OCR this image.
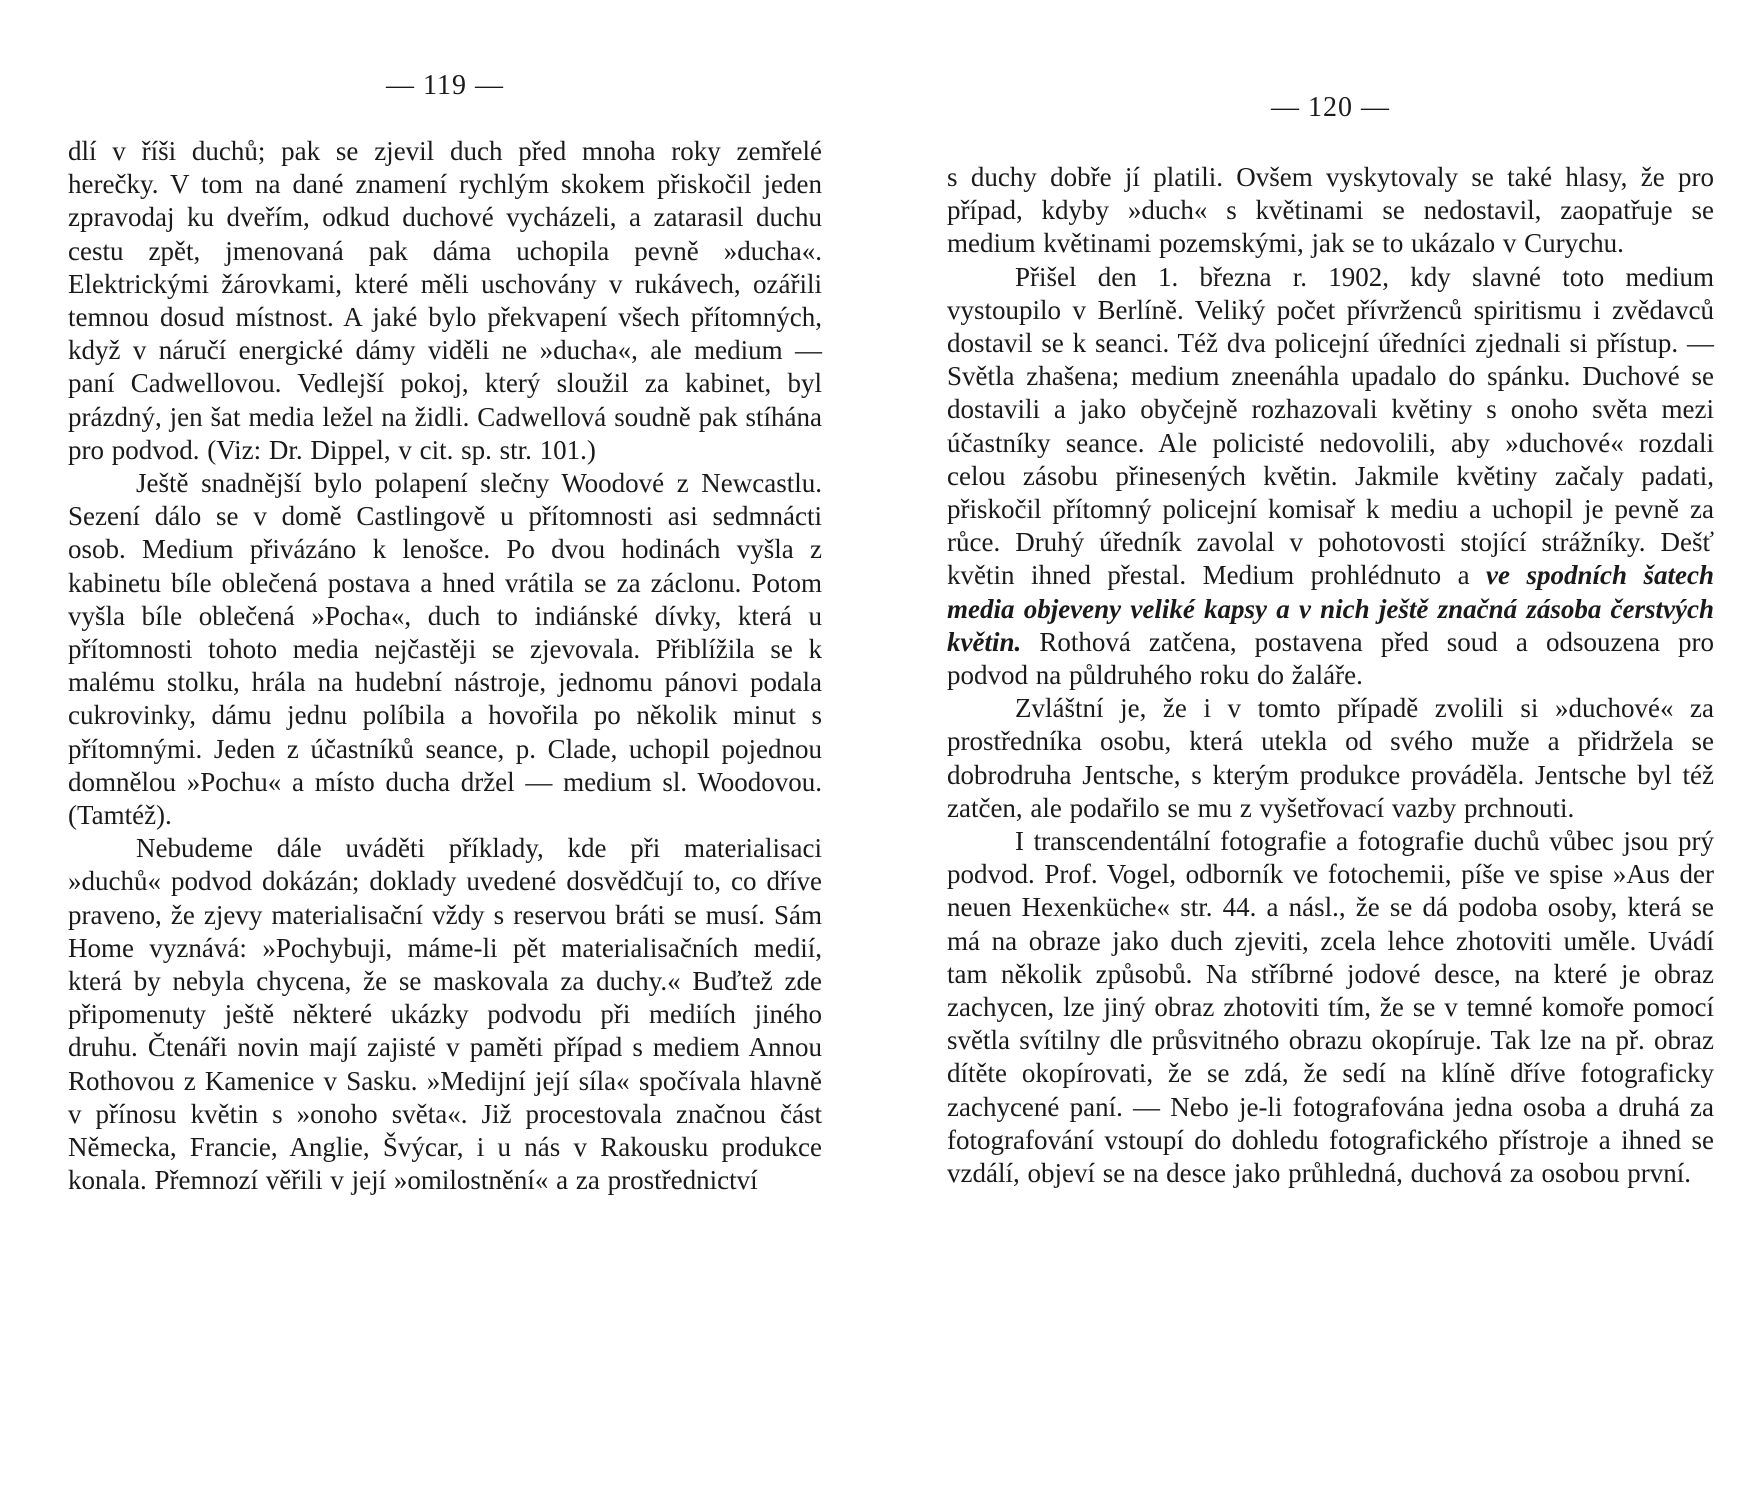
— 119 —

dlí v říši duchů; pak se zjevil duch před mnoha roky zemřelé herečky. V tom na dané znamení rychlým skokem přiskočil jeden zpravodaj ku dveřím, odkud duchové vycházeli, a zatarasil duchu cestu zpět, jmenovaná pak dáma uchopila pevně »ducha«. Elektrickými žárovkami, které měli uschovány v rukávech, ozářili temnou dosud místnost. A jaké bylo překvapení všech přítomných, když v náručí energické dámy viděli ne »ducha«, ale medium — paní Cadwellovou. Vedlejší pokoj, který sloužil za kabinet, byl prázdný, jen šat media ležel na židli. Cadwellová soudně pak stíhána pro podvod. (Viz: Dr. Dippel, v cit. sp. str. 101.)

Ještě snadnější bylo polapení slečny Woodové z Newcastlu. Sezení dálo se v domě Castlingově u přítomnosti asi sedmnácti osob. Medium přivázáno k lenošce. Po dvou hodinách vyšla z kabinetu bíle oblečená postava a hned vrátila se za záclonu. Potom vyšla bíle oblečená »Pocha«, duch to indiánské dívky, která u přítomnosti tohoto media nejčastěji se zjevovala. Přiblížila se k malému stolku, hrála na hudební nástroje, jednomu pánovi podala cukrovinky, dámu jednu políbila a hovořila po několik minut s přítomnými. Jeden z účastníků seance, p. Clade, uchopil pojednou domnělou »Pochu« a místo ducha držel — medium sl. Woodovou. (Tamtéž).

Nebudeme dále uváděti příklady, kde při materialisaci »duchů« podvod dokázán; doklady uvedené dosvědčují to, co dříve praveno, že zjevy materialisační vždy s reservou bráti se musí. Sám Home vyznává: »Pochybuji, máme-li pět materialisačních medií, která by nebyla chycena, že se maskovala za duchy.« Buďtež zde připomenuty ještě některé ukázky podvodu při mediích jiného druhu. Čtenáři novin mají zajisté v paměti případ s mediem Annou Rothovou z Kamenice v Sasku. »Medijní její síla« spočívala hlavně v přínosu květin s »onoho světa«. Již procestovala značnou část Německa, Francie, Anglie, Švýcar, i u nás v Rakousku produkce konala. Přemnozí věřili v její »omilostnění« a za prostřednictví

— 120 —

s duchy dobře jí platili. Ovšem vyskytovaly se také hlasy, že pro případ, kdyby »duch« s květinami se nedostavil, zaopatřuje se medium květinami pozemskými, jak se to ukázalo v Curychu.

Přišel den 1. března r. 1902, kdy slavné toto medium vystoupilo v Berlíně. Veliký počet přívrženců spiritismu i zvědavců dostavil se k seanci. Též dva policejní úředníci zjednali si přístup. — Světla zhašena; medium zneenáhla upadalo do spánku. Duchové se dostavili a jako obyčejně rozhazovali květiny s onoho světa mezi účastníky seance. Ale policisté nedovolili, aby »duchové« rozdali celou zásobu přinesených květin. Jakmile květiny začaly padati, přiskočil přítomný policejní komisař k mediu a uchopil je pevně za růce. Druhý úředník zavolal v pohotovosti stojící strážníky. Dešť květin ihned přestal. Medium prohlédnuto a ve spodních šatech media objeveny veliké kapsy a v nich ještě značná zásoba čerstvých květin. Rothová zatčena, postavena před soud a odsouzena pro podvod na půldruhého roku do žaláře.

Zvláštní je, že i v tomto případě zvolili si »duchové« za prostředníka osobu, která utekla od svého muže a přidržela se dobrodruha Jentsche, s kterým produkce prováděla. Jentsche byl též zatčen, ale podařilo se mu z vyšetřovací vazby prchnouti.

I transcendentální fotografie a fotografie duchů vůbec jsou prý podvod. Prof. Vogel, odborník ve fotochemii, píše ve spise »Aus der neuen Hexenküche« str. 44. a násl., že se dá podoba osoby, která se má na obraze jako duch zjeviti, zcela lehce zhotoviti uměle. Uvádí tam několik způsobů. Na stříbrné jodové desce, na které je obraz zachycen, lze jiný obraz zhotoviti tím, že se v temné komoře pomocí světla svítilny dle průsvitného obrazu okopíruje. Tak lze na př. obraz dítěte okopírovati, že se zdá, že sedí na klíně dříve fotograficky zachycené paní. — Nebo je-li fotografována jedna osoba a druhá za fotografování vstoupí do dohledu fotografického přístroje a ihned se vzdálí, objeví se na desce jako průhledná, duchová za osobou první.
